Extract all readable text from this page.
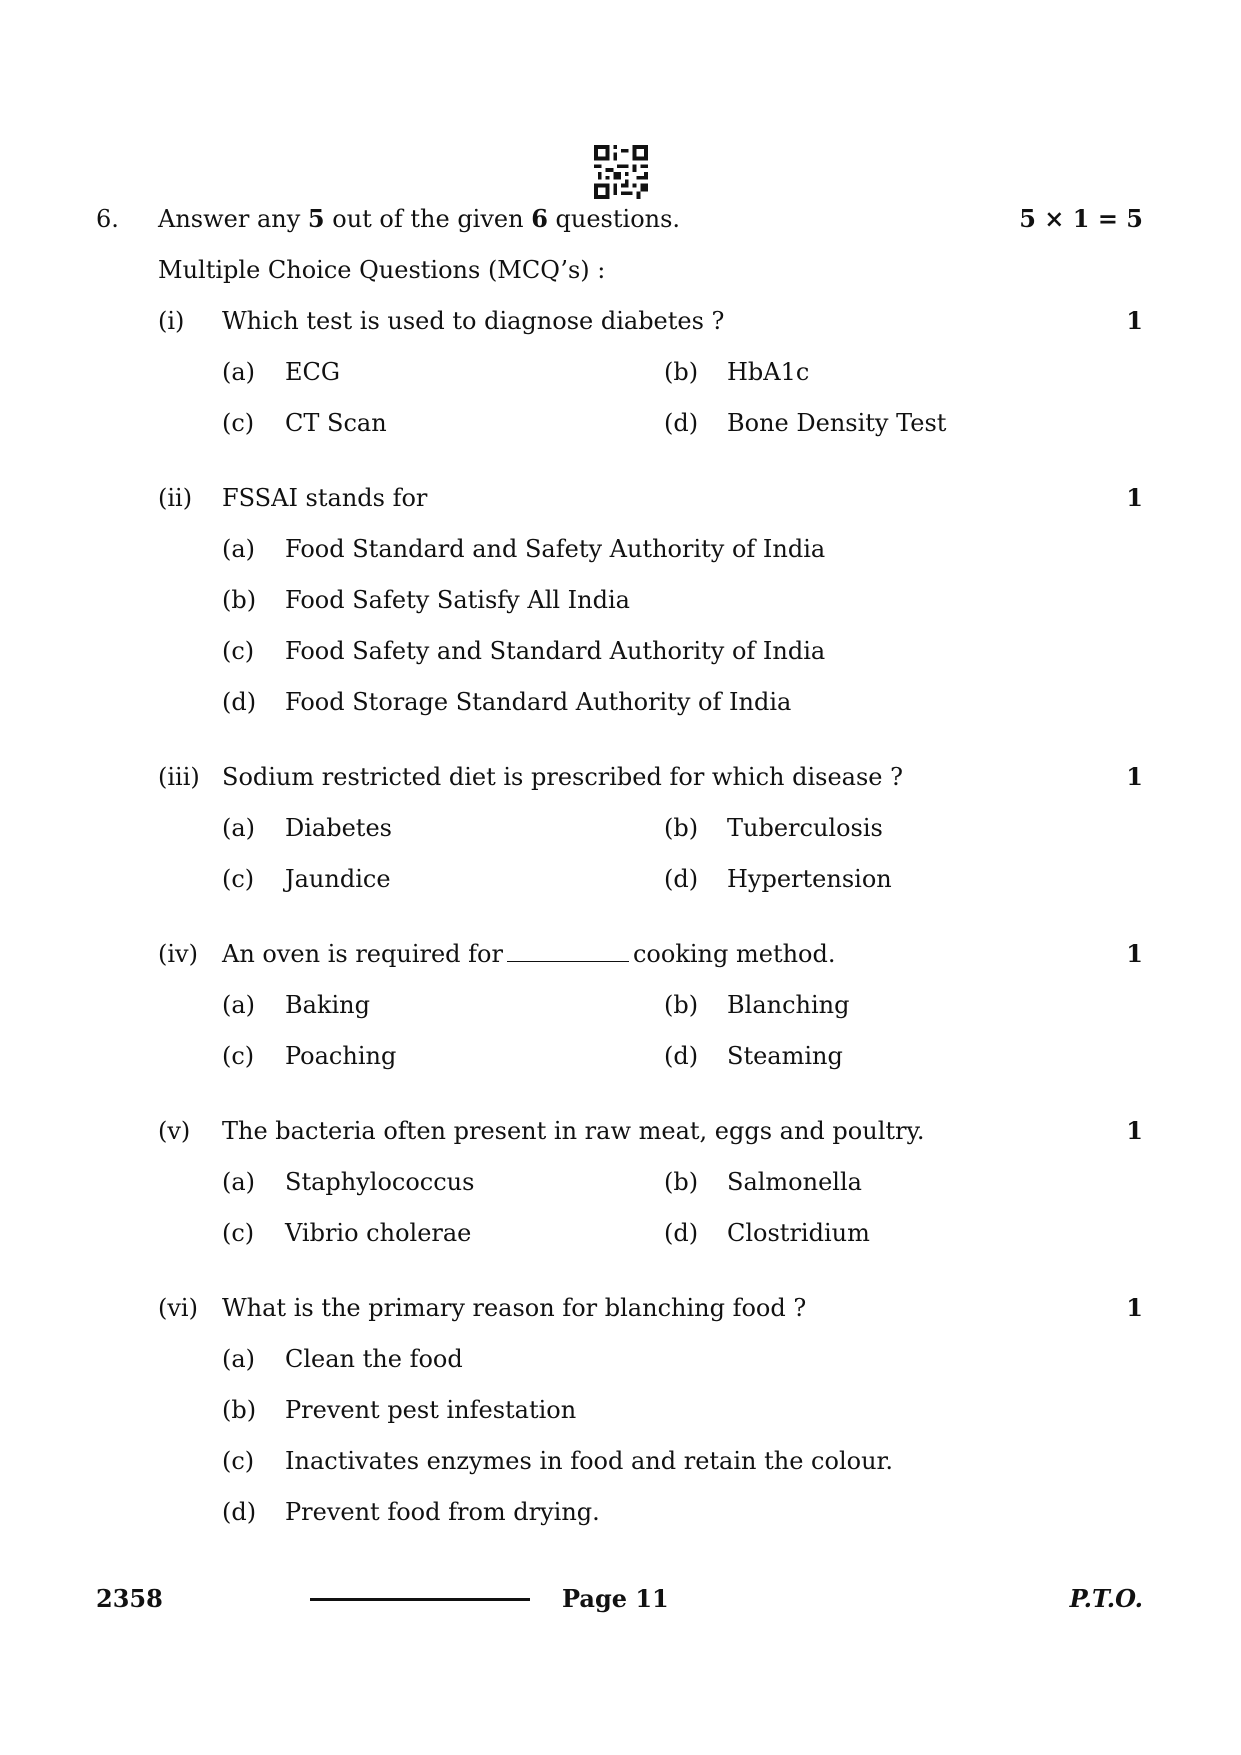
6. Answer any 5 out of the given 6 questions.	5 × 1 = 5
Multiple Choice Questions (MCQ’s) :
(i) Which test is used to diagnose diabetes ?	1
(a) ECG	(b) HbA1c
(c) CT Scan	(d) Bone Density Test
(ii) FSSAI stands for	1
(a) Food Standard and Safety Authority of India
(b) Food Safety Satisfy All India
(c) Food Safety and Standard Authority of India
(d) Food Storage Standard Authority of India
(iii) Sodium restricted diet is prescribed for which disease ?	1
(a) Diabetes	(b) Tuberculosis
(c) Jaundice	(d) Hypertension
(iv) An oven is required for	cooking method.	1
(a) Baking	(b) Blanching
(c) Poaching	(d) Steaming
(v) The bacteria often present in raw meat, eggs and poultry.	1
(a) Staphylococcus	(b) Salmonella
(c) Vibrio cholerae	(d) Clostridium
(vi) What is the primary reason for blanching food ?	1
(a) Clean the food
(b) Prevent pest infestation
(c) Inactivates enzymes in food and retain the colour.
(d) Prevent food from drying.
2358	Page 11	P.T.O.
